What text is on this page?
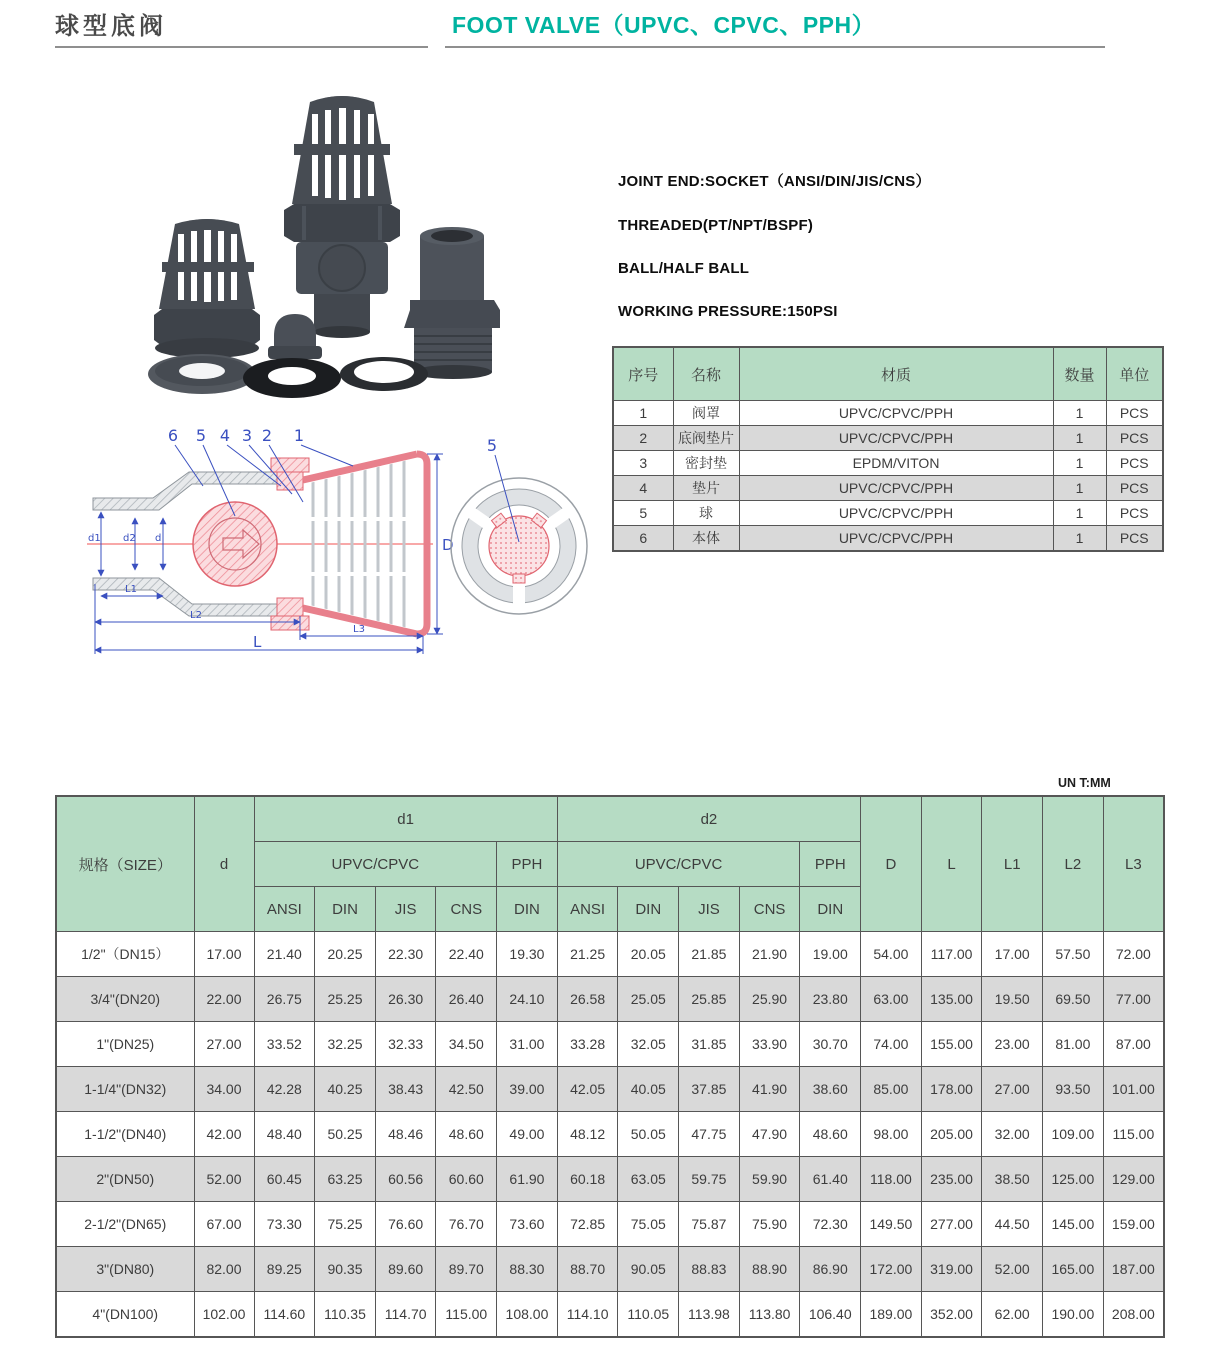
球型底阀	FOOT VALVE（UPVC、CPVC、PPH）
6 5 4 3 2 1
d1 d2 d
L1
L2
L3
L
D
5
JOINT END:SOCKET（ANSI/DIN/JIS/CNS）
THREADED(PT/NPT/BSPF)
BALL/HALF BALL
WORKING PRESSURE:150PSI
序号	名称	材质	数量	单位
1	阀罩	UPVC/CPVC/PPH	1	PCS
2	底阀垫片	UPVC/CPVC/PPH	1	PCS
3	密封垫	EPDM/VITON	1	PCS
4	垫片	UPVC/CPVC/PPH	1	PCS
5	球	UPVC/CPVC/PPH	1	PCS
6	本体	UPVC/CPVC/PPH	1	PCS
UN T:MM
规格（SIZE）	d	d1					d2					D	L	L1	L2	L3
		UPVC/CPVC				PPH	UPVC/CPVC				PPH					
		ANSI	DIN	JIS	CNS	DIN	ANSI	DIN	JIS	CNS	DIN					
1/2"（DN15）	17.00	21.40	20.25	22.30	22.40	19.30	21.25	20.05	21.85	21.90	19.00	54.00	117.00	17.00	57.50	72.00
3/4"(DN20)	22.00	26.75	25.25	26.30	26.40	24.10	26.58	25.05	25.85	25.90	23.80	63.00	135.00	19.50	69.50	77.00
1"(DN25)	27.00	33.52	32.25	32.33	34.50	31.00	33.28	32.05	31.85	33.90	30.70	74.00	155.00	23.00	81.00	87.00
1-1/4"(DN32)	34.00	42.28	40.25	38.43	42.50	39.00	42.05	40.05	37.85	41.90	38.60	85.00	178.00	27.00	93.50	101.00
1-1/2"(DN40)	42.00	48.40	50.25	48.46	48.60	49.00	48.12	50.05	47.75	47.90	48.60	98.00	205.00	32.00	109.00	115.00
2"(DN50)	52.00	60.45	63.25	60.56	60.60	61.90	60.18	63.05	59.75	59.90	61.40	118.00	235.00	38.50	125.00	129.00
2-1/2"(DN65)	67.00	73.30	75.25	76.60	76.70	73.60	72.85	75.05	75.87	75.90	72.30	149.50	277.00	44.50	145.00	159.00
3"(DN80)	82.00	89.25	90.35	89.60	89.70	88.30	88.70	90.05	88.83	88.90	86.90	172.00	319.00	52.00	165.00	187.00
4"(DN100)	102.00	114.60	110.35	114.70	115.00	108.00	114.10	110.05	113.98	113.80	106.40	189.00	352.00	62.00	190.00	208.00
